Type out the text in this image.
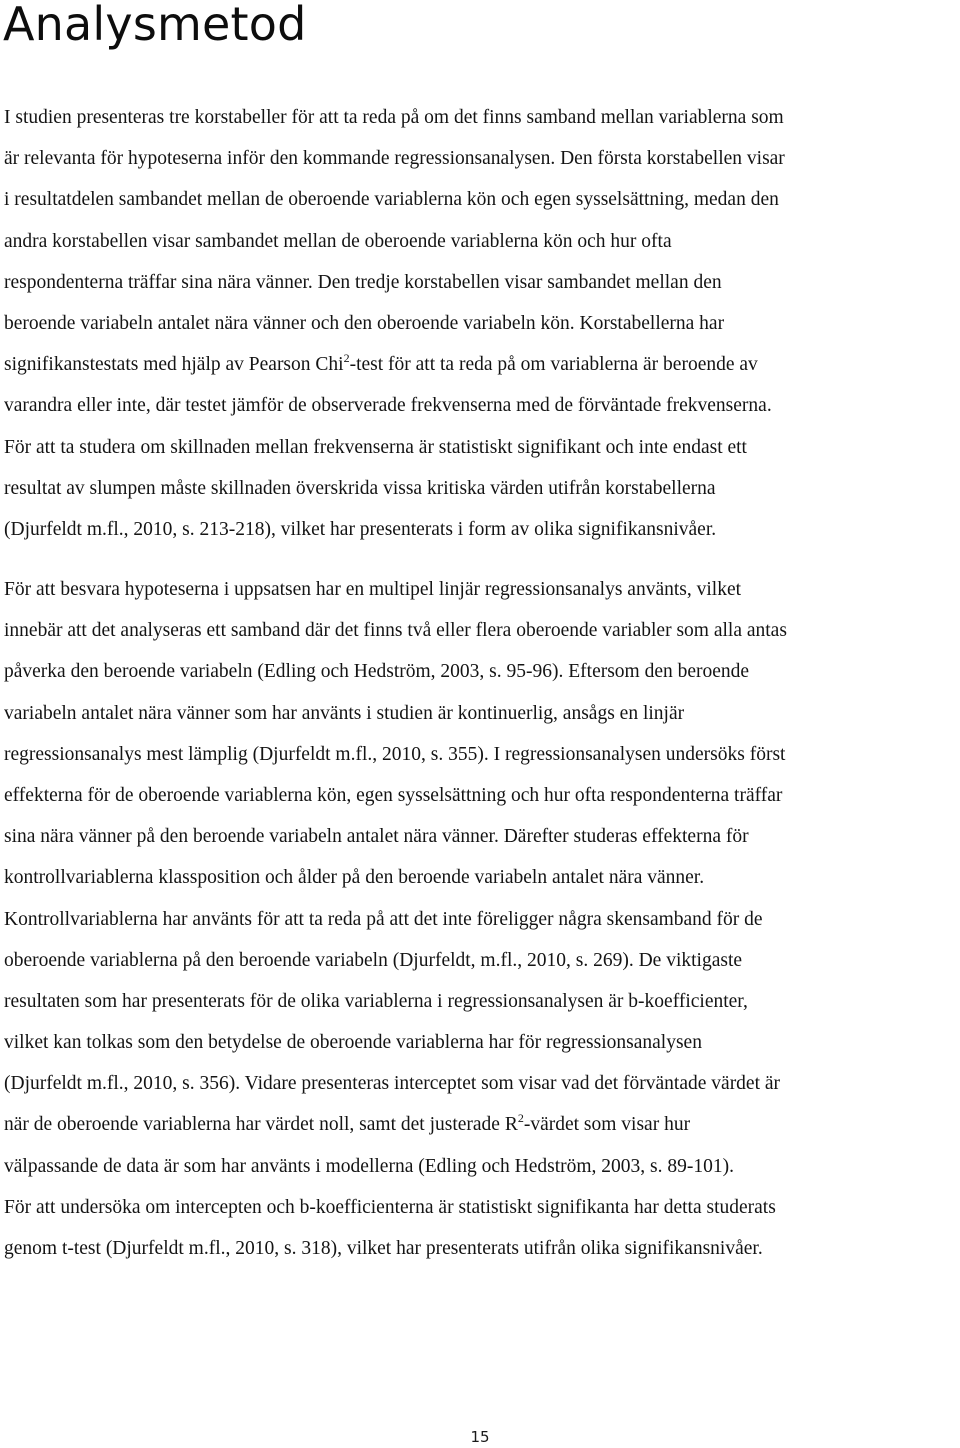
Analysmetod
I studien presenteras tre korstabeller för att ta reda på om det finns samband mellan variablerna som
är relevanta för hypoteserna inför den kommande regressionsanalysen. Den första korstabellen visar
i resultatdelen sambandet mellan de oberoende variablerna kön och egen sysselsättning, medan den
andra korstabellen visar sambandet mellan de oberoende variablerna kön och hur ofta
respondenterna träffar sina nära vänner. Den tredje korstabellen visar sambandet mellan den
beroende variabeln antalet nära vänner och den oberoende variabeln kön. Korstabellerna har
signifikanstestats med hjälp av Pearson Chi$^2$-test för att ta reda på om variablerna är beroende av
varandra eller inte, där testet jämför de observerade frekvenserna med de förväntade frekvenserna.
För att ta studera om skillnaden mellan frekvenserna är statistiskt signifikant och inte endast ett
resultat av slumpen måste skillnaden överskrida vissa kritiska värden utifrån korstabellerna
(Djurfeldt m.fl., 2010, s. 213-218), vilket har presenterats i form av olika signifikansnivåer.
För att besvara hypoteserna i uppsatsen har en multipel linjär regressionsanalys använts, vilket
innebär att det analyseras ett samband där det finns två eller flera oberoende variabler som alla antas
påverka den beroende variabeln (Edling och Hedström, 2003, s. 95-96). Eftersom den beroende
variabeln antalet nära vänner som har använts i studien är kontinuerlig, ansågs en linjär
regressionsanalys mest lämplig (Djurfeldt m.fl., 2010, s. 355). I regressionsanalysen undersöks först
effekterna för de oberoende variablerna kön, egen sysselsättning och hur ofta respondenterna träffar
sina nära vänner på den beroende variabeln antalet nära vänner. Därefter studeras effekterna för
kontrollvariablerna klassposition och ålder på den beroende variabeln antalet nära vänner.
Kontrollvariablerna har använts för att ta reda på att det inte föreligger några skensamband för de
oberoende variablerna på den beroende variabeln (Djurfeldt, m.fl., 2010, s. 269). De viktigaste
resultaten som har presenterats för de olika variablerna i regressionsanalysen är b-koefficienter,
vilket kan tolkas som den betydelse de oberoende variablerna har för regressionsanalysen
(Djurfeldt m.fl., 2010, s. 356). Vidare presenteras interceptet som visar vad det förväntade värdet är
när de oberoende variablerna har värdet noll, samt det justerade $R^2$-värdet som visar hur
välpassande de data är som har använts i modellerna (Edling och Hedström, 2003, s. 89-101).
För att undersöka om intercepten och b-koefficienterna är statistiskt signifikanta har detta studerats
genom t-test (Djurfeldt m.fl., 2010, s. 318), vilket har presenterats utifrån olika signifikansnivåer.
15
